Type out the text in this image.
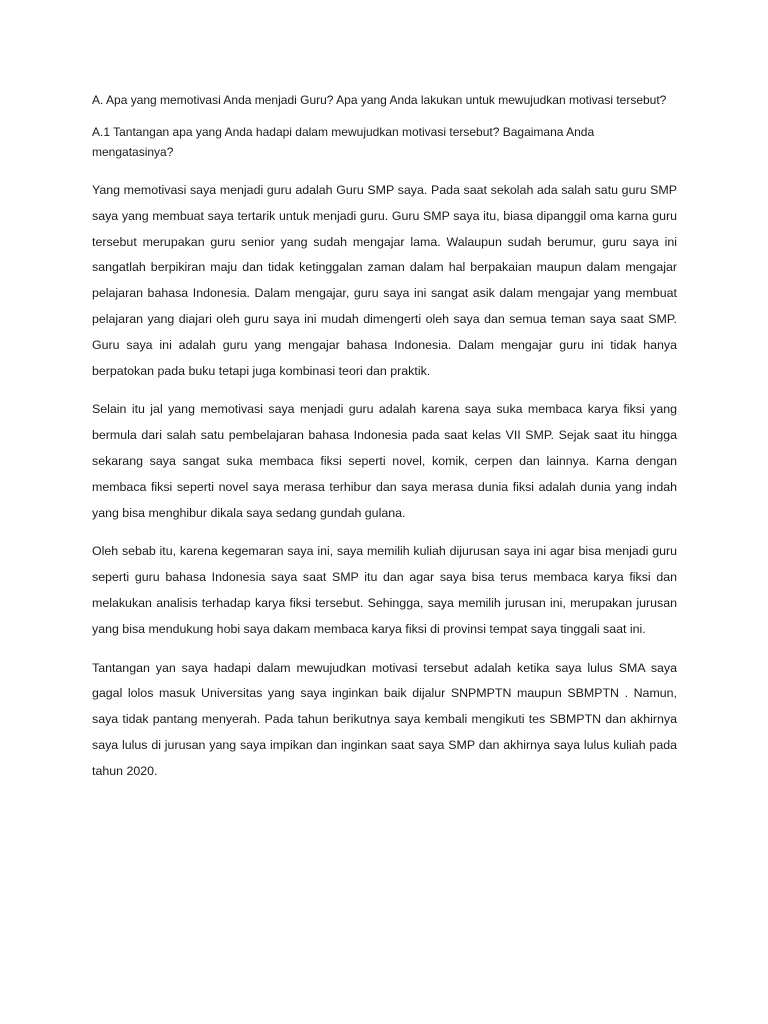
A. Apa yang memotivasi Anda menjadi Guru? Apa yang Anda lakukan untuk mewujudkan motivasi tersebut?

A.1 Tantangan apa yang Anda hadapi dalam mewujudkan motivasi tersebut? Bagaimana Anda mengatasinya?

Yang memotivasi saya menjadi guru adalah Guru SMP saya. Pada saat sekolah ada salah satu guru SMP saya yang membuat saya tertarik untuk menjadi guru. Guru SMP saya itu, biasa dipanggil oma karna guru tersebut merupakan guru senior yang sudah mengajar lama. Walaupun sudah berumur, guru saya ini sangatlah berpikiran maju dan tidak ketinggalan zaman dalam hal berpakaian maupun dalam mengajar pelajaran bahasa Indonesia. Dalam mengajar, guru saya ini sangat asik dalam mengajar yang membuat pelajaran yang diajari oleh guru saya ini mudah dimengerti oleh saya dan semua teman saya saat SMP. Guru saya ini adalah guru yang mengajar bahasa Indonesia. Dalam mengajar guru ini tidak hanya berpatokan pada buku tetapi juga kombinasi teori dan praktik.

Selain itu jal yang memotivasi saya menjadi guru adalah karena saya suka membaca karya fiksi yang bermula dari salah satu pembelajaran bahasa Indonesia pada saat kelas VII SMP. Sejak saat itu hingga sekarang saya sangat suka membaca fiksi seperti novel, komik, cerpen dan lainnya. Karna dengan membaca fiksi seperti novel saya merasa terhibur dan saya merasa dunia fiksi adalah dunia yang indah yang bisa menghibur dikala saya sedang gundah gulana.

Oleh sebab itu, karena kegemaran saya ini, saya memilih kuliah dijurusan saya ini agar bisa menjadi guru seperti guru bahasa Indonesia saya saat SMP itu dan agar saya bisa terus membaca karya fiksi dan melakukan analisis terhadap karya fiksi tersebut. Sehingga, saya memilih jurusan ini, merupakan jurusan yang bisa mendukung hobi saya dakam membaca karya fiksi di provinsi tempat saya tinggali saat ini.

Tantangan yan saya hadapi dalam mewujudkan motivasi tersebut adalah ketika saya lulus SMA saya gagal lolos masuk Universitas yang saya inginkan baik dijalur SNPMPTN maupun SBMPTN . Namun, saya tidak pantang menyerah. Pada tahun berikutnya saya kembali mengikuti tes SBMPTN dan akhirnya saya lulus di jurusan yang saya impikan dan inginkan saat saya SMP dan akhirnya saya lulus kuliah pada tahun 2020.
